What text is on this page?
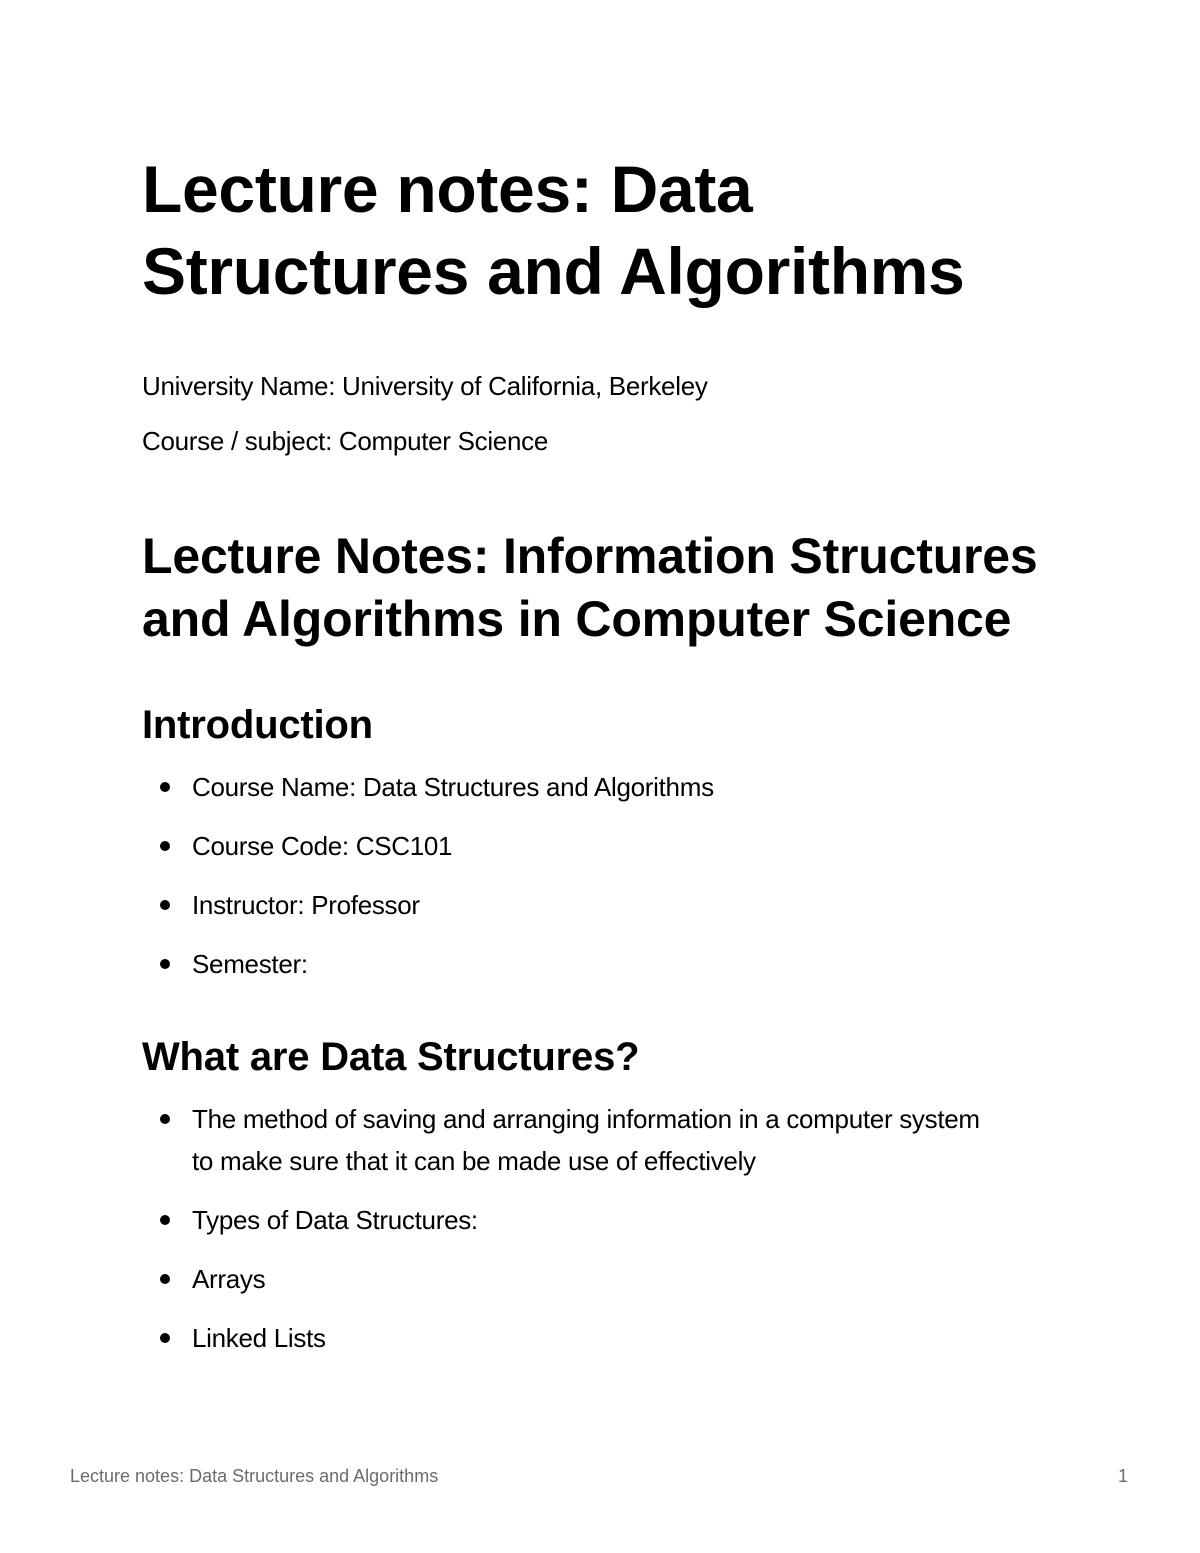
Lecture notes: Data Structures and Algorithms

University Name: University of California, Berkeley

Course / subject: Computer Science

Lecture Notes: Information Structures and Algorithms in Computer Science
Introduction
Course Name: Data Structures and Algorithms
Course Code: CSC101
Instructor: Professor
Semester:
What are Data Structures?
The method of saving and arranging information in a computer system to make sure that it can be made use of effectively
Types of Data Structures:
Arrays
Linked Lists
Lecture notes: Data Structures and Algorithms	1
